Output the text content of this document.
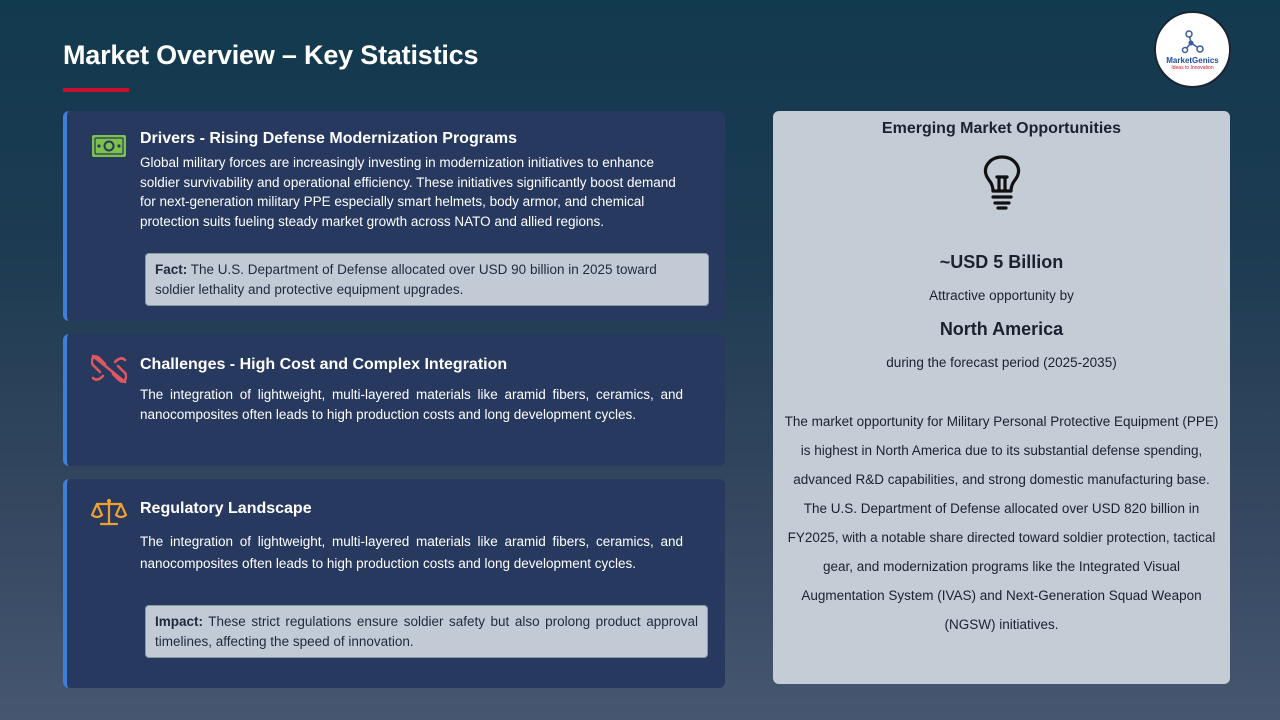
Market Overview – Key Statistics	MarketGenics
Ideas to Innovation
Drivers - Rising Defense Modernization Programs
Global military forces are increasingly investing in modernization initiatives to enhance soldier survivability and operational efficiency. These initiatives significantly boost demand for next-generation military PPE especially smart helmets, body armor, and chemical protection suits fueling steady market growth across NATO and allied regions.
Fact: The U.S. Department of Defense allocated over USD 90 billion in 2025 toward soldier lethality and protective equipment upgrades.
Challenges - High Cost and Complex Integration
The integration of lightweight, multi-layered materials like aramid fibers, ceramics, and nanocomposites often leads to high production costs and long development cycles.
Regulatory Landscape
The integration of lightweight, multi-layered materials like aramid fibers, ceramics, and nanocomposites often leads to high production costs and long development cycles.
Impact: These strict regulations ensure soldier safety but also prolong product approval timelines, affecting the speed of innovation.
Emerging Market Opportunities
~USD 5 Billion
Attractive opportunity by
North America
during the forecast period (2025-2035)
The market opportunity for Military Personal Protective Equipment (PPE) is highest in North America due to its substantial defense spending, advanced R&D capabilities, and strong domestic manufacturing base. The U.S. Department of Defense allocated over USD 820 billion in FY2025, with a notable share directed toward soldier protection, tactical gear, and modernization programs like the Integrated Visual Augmentation System (IVAS) and Next-Generation Squad Weapon (NGSW) initiatives.
